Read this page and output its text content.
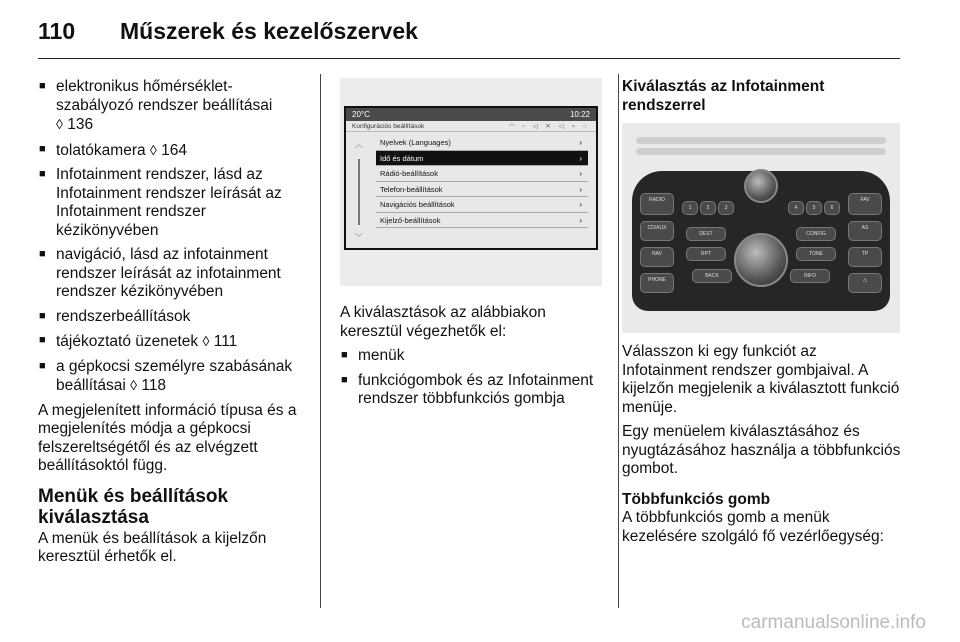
110 Műszerek és kezelőszervek
■ elektronikus hőmérséklet-szabályozó rendszer beállításai
◊ 136
■ tolatókamera ◊ 164
■ Infotainment rendszer, lásd az Infotainment rendszer leírását az Infotainment rendszer kézikönyvében
■ navigáció, lásd az infotainment rendszer leírását az infotainment rendszer kézikönyvében
■ rendszerbeállítások
■ tájékoztató üzenetek ◊ 111
■ a gépkocsi személyre szabásának beállításai ◊ 118

A megjelenített információ típusa és a megjelenítés módja a gépkocsi felszereltségétől és az elvégzett beállításoktól függ.

Menük és beállítások kiválasztása

A menük és beállítások a kijelzőn keresztül érhetők el.

20°C	10:22
Konfigurációs beállítások	◠ ▫ ◁ ✕ ◁ ⌁ ○
︿
﹀
Nyelvek (Languages)	›
Idő és dátum	›
Rádió-beállítások	›
Telefon-beállítások	›
Navigációs beállítások	›
Kijelző-beállítások	›

A kiválasztások az alábbiakon keresztül végezhetők el:

■ menük
■ funkciógombok és az Infotainment rendszer többfunkciós gombja
Kiválasztás az Infotainment rendszerrel
RADIO
CD/AUX
NAV
PHONE
1	2	3	4	5	6
DEST
RPT
BACK
CONFIG
TONE
INFO
FAV
AS
TP
△

Válasszon ki egy funkciót az Infotainment rendszer gombjaival. A kijelzőn megjelenik a kiválasztott funkció menüje.

Egy menüelem kiválasztásához és nyugtázásához használja a többfunkciós gombot.

Többfunkciós gomb

A többfunkciós gomb a menük kezelésére szolgáló fő vezérlőegység:

carmanualsonline.info
